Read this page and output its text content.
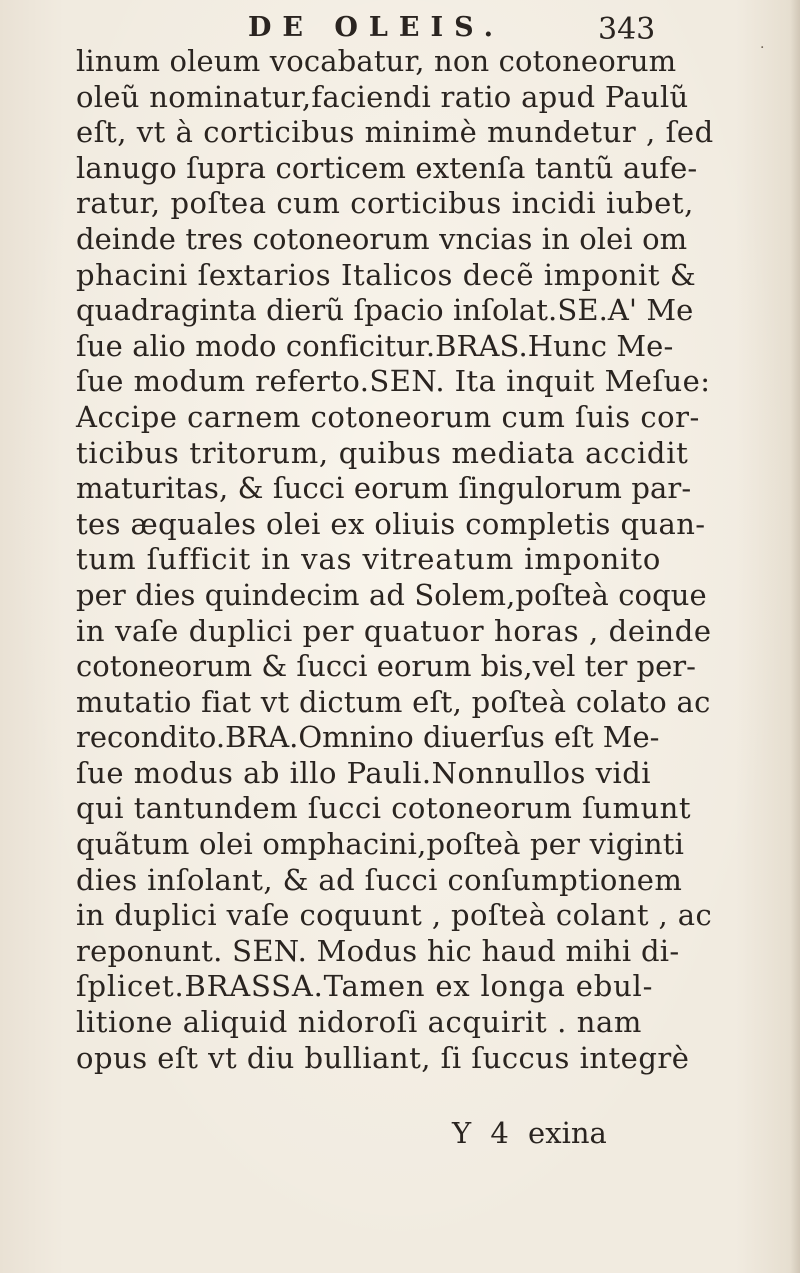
DE OLEIS.	343
·
linum oleum vocabatur, non cotoneorum
oleũ nominatur,faciendi ratio apud Paulũ
eſt, vt à corticibus minimè mundetur , ſed
lanugo ſupra corticem extenſa tantũ aufe-
ratur, poſtea cum corticibus incidi iubet,
deinde tres cotoneorum vncias in olei om
phacini ſextarios Italicos decẽ imponit &
quadraginta dierũ ſpacio inſolat.SE.A' Me
ſue alio modo conficitur.BRAS.Hunc Me-
ſue modum referto.SEN. Ita inquit Meſue:
Accipe carnem cotoneorum cum ſuis cor-
ticibus tritorum, quibus mediata accidit
maturitas, & ſucci eorum ſingulorum par-
tes æquales olei ex oliuis completis quan-
tum ſufficit in vas vitreatum imponito
per dies quindecim ad Solem,poſteà coque
in vaſe duplici per quatuor horas , deinde
cotoneorum & ſucci eorum bis,vel ter per-
mutatio fiat vt dictum eſt, poſteà colato ac
recondito.BRA.Omnino diuerſus eſt Me-
ſue modus ab illo Pauli.Nonnullos vidi
qui tantundem ſucci cotoneorum ſumunt
quãtum olei omphacini,poſteà per viginti
dies inſolant, & ad ſucci conſumptionem
in duplici vaſe coquunt , poſteà colant , ac
reponunt. SEN. Modus hic haud mihi di-
ſplicet.BRASSA.Tamen ex longa ebul-
litione aliquid nidoroſi acquirit . nam
opus eſt vt diu bulliant, ſi ſuccus integrè
Y 4 exina
